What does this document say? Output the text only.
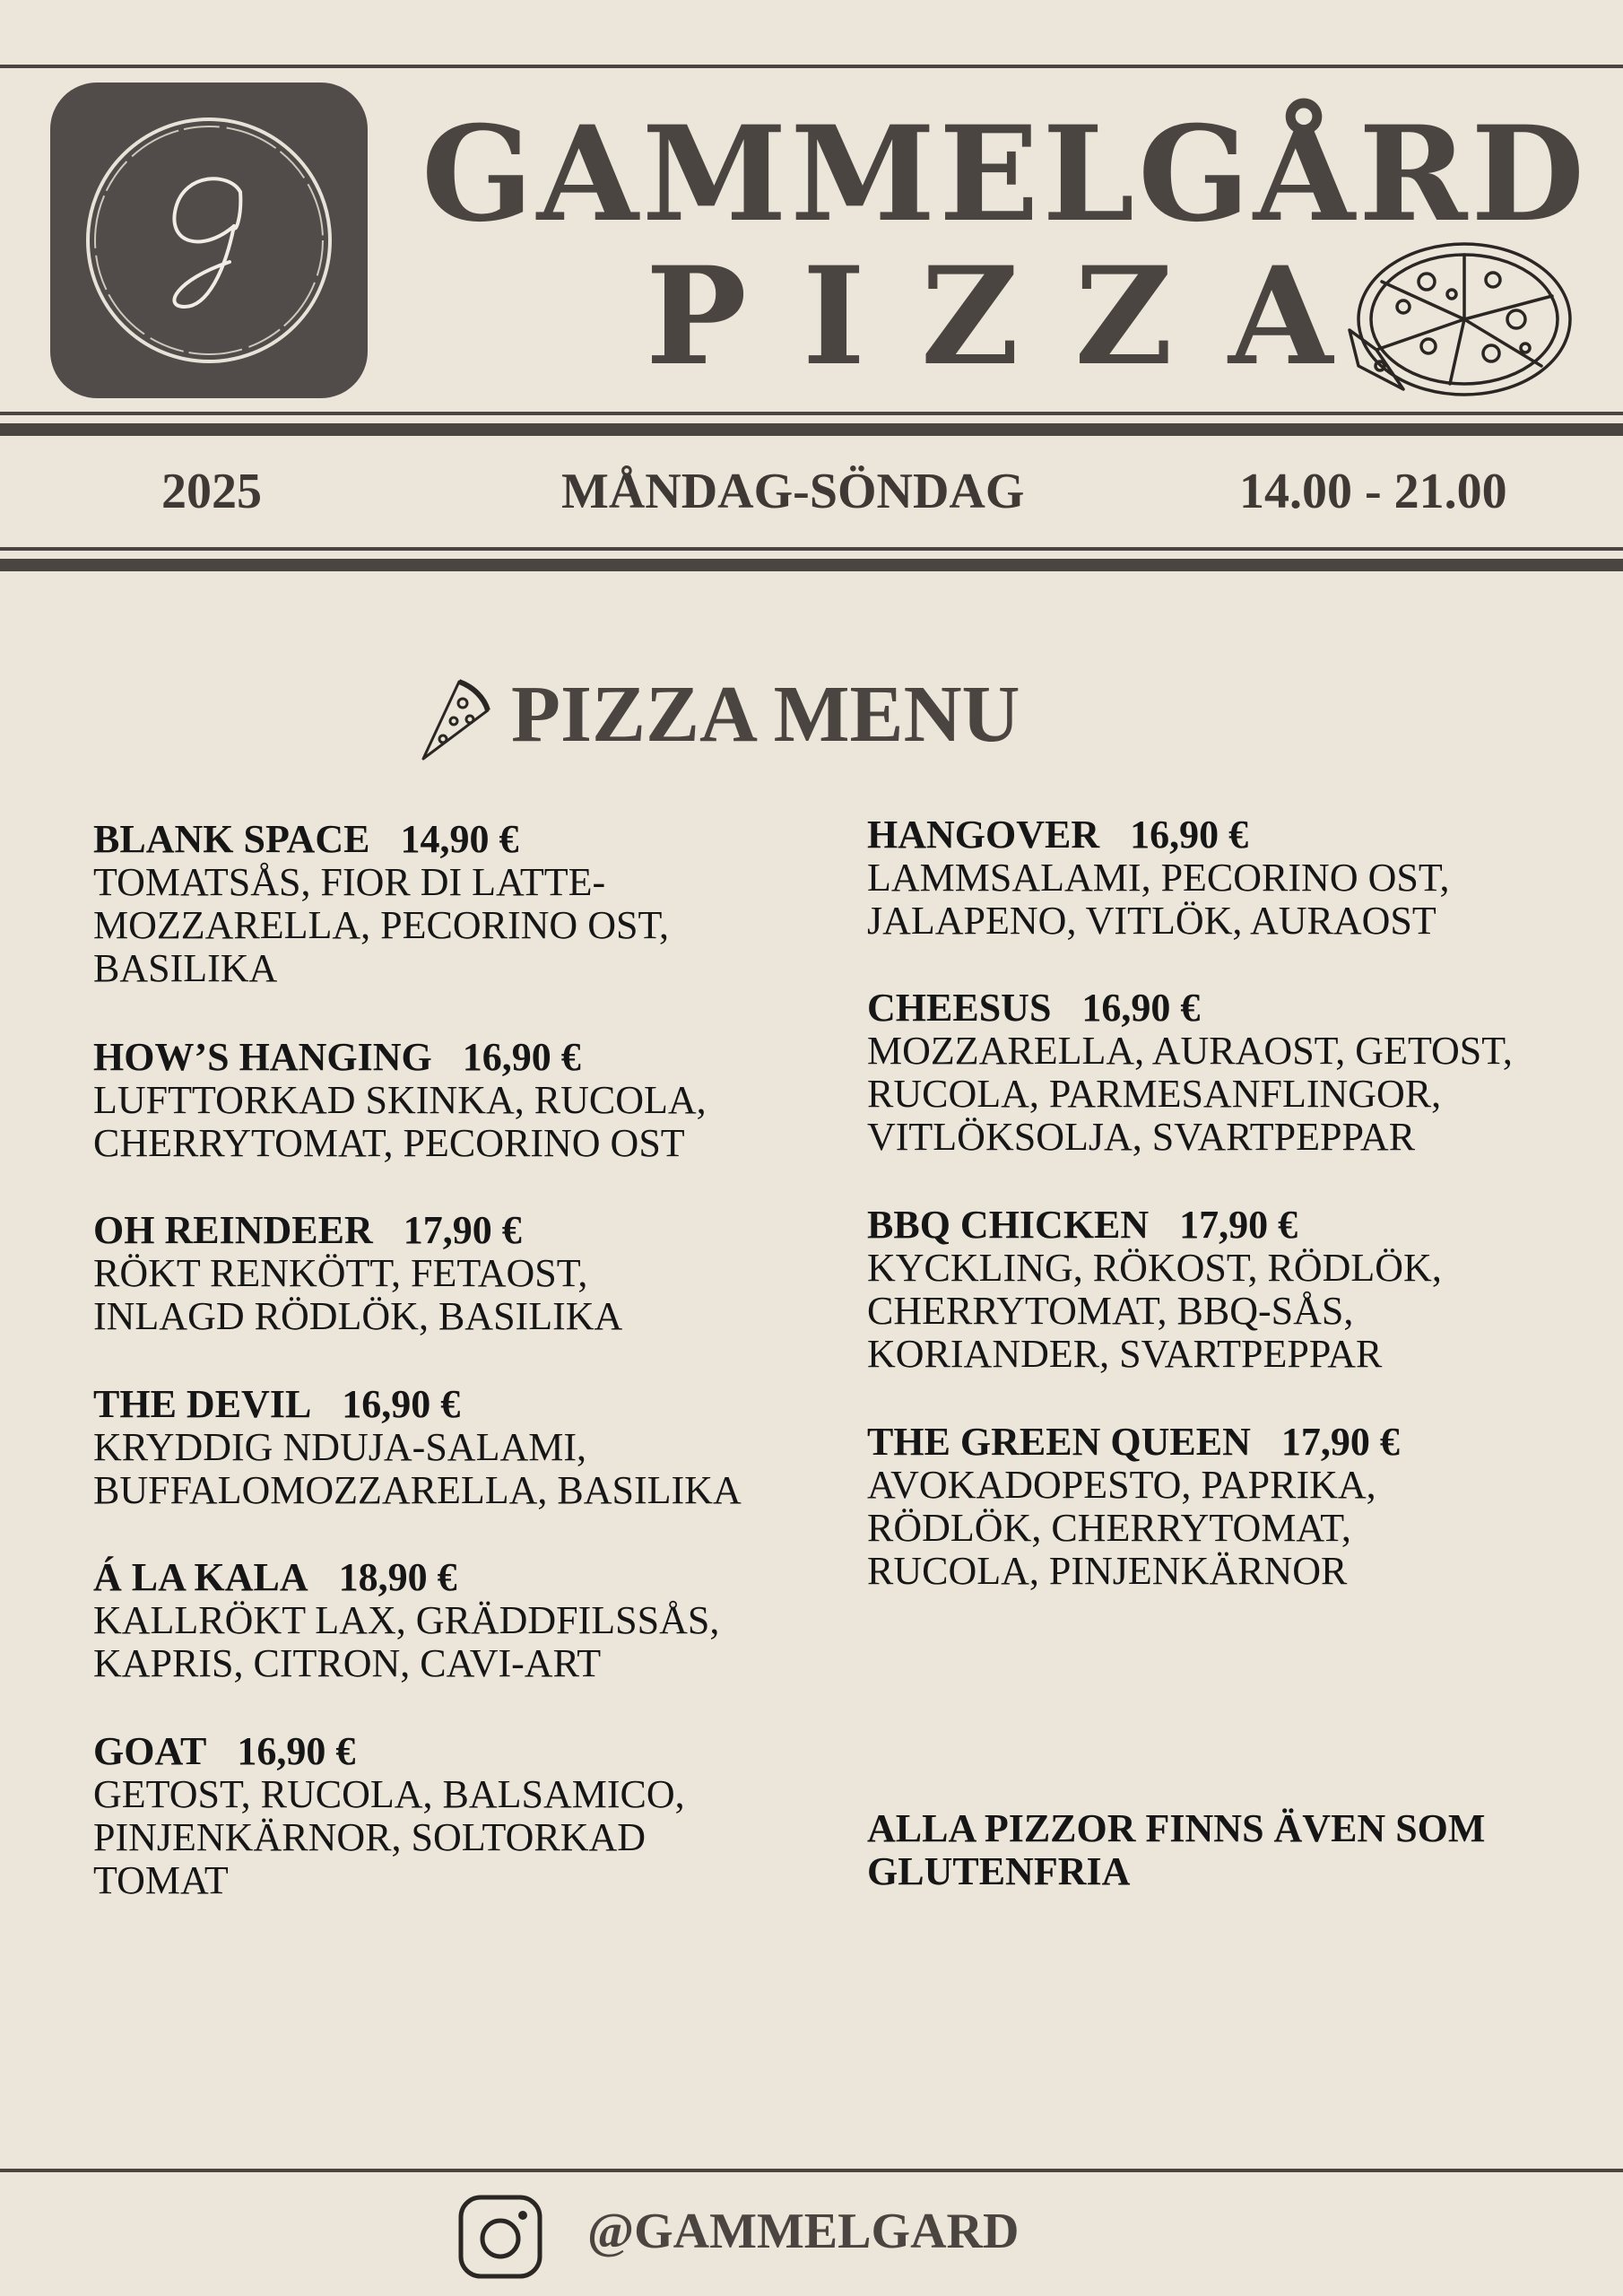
GAMMELGÅRD
PIZZA
2025	MÅNDAG-SÖNDAG	14.00 - 21.00
PIZZA MENU
BLANK SPACE 14,90 €
TOMATSÅS, FIOR DI LATTE-
MOZZARELLA, PECORINO OST,
BASILIKA
HOW’S HANGING 16,90 €
LUFTTORKAD SKINKA, RUCOLA,
CHERRYTOMAT, PECORINO OST
OH REINDEER 17,90 €
RÖKT RENKÖTT, FETAOST,
INLAGD RÖDLÖK, BASILIKA
THE DEVIL 16,90 €
KRYDDIG NDUJA-SALAMI,
BUFFALOMOZZARELLA, BASILIKA
Á LA KALA 18,90 €
KALLRÖKT LAX, GRÄDDFILSSÅS,
KAPRIS, CITRON, CAVI-ART
GOAT 16,90 €
GETOST, RUCOLA, BALSAMICO,
PINJENKÄRNOR, SOLTORKAD
TOMAT
HANGOVER 16,90 €
LAMMSALAMI, PECORINO OST,
JALAPENO, VITLÖK, AURAOST
CHEESUS 16,90 €
MOZZARELLA, AURAOST, GETOST,
RUCOLA, PARMESANFLINGOR,
VITLÖKSOLJA, SVARTPEPPAR
BBQ CHICKEN 17,90 €
KYCKLING, RÖKOST, RÖDLÖK,
CHERRYTOMAT, BBQ-SÅS,
KORIANDER, SVARTPEPPAR
THE GREEN QUEEN 17,90 €
AVOKADOPESTO, PAPRIKA,
RÖDLÖK, CHERRYTOMAT,
RUCOLA, PINJENKÄRNOR
ALLA PIZZOR FINNS ÄVEN SOM
GLUTENFRIA
@GAMMELGARD
